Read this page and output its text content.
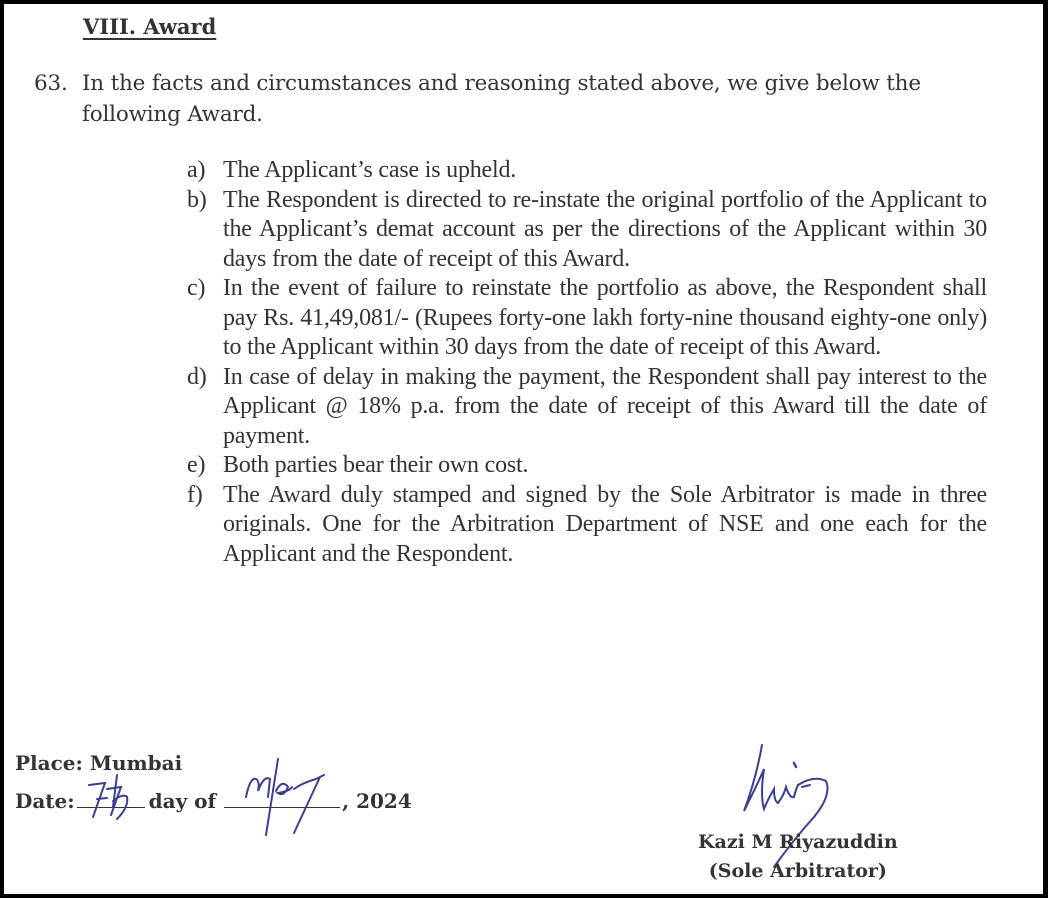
VIII. Award
63. In the facts and circumstances and reasoning stated above, we give below the following Award.
a) The Applicant’s case is upheld.
b) The Respondent is directed to re-instate the original portfolio of the Applicant to the Applicant’s demat account as per the directions of the Applicant within 30 days from the date of receipt of this Award.
c) In the event of failure to reinstate the portfolio as above, the Respondent shall pay Rs. 41,49,081/- (Rupees forty-one lakh forty-nine thousand eighty-one only) to the Applicant within 30 days from the date of receipt of this Award.
d) In case of delay in making the payment, the Respondent shall pay interest to the Applicant @ 18% p.a. from the date of receipt of this Award till the date of payment.
e) Both parties bear their own cost.
f) The Award duly stamped and signed by the Sole Arbitrator is made in three originals. One for the Arbitration Department of NSE and one each for the Applicant and the Respondent.
Place: Mumbai
Date:	day of	, 2024
Kazi M Riyazuddin
(Sole Arbitrator)
